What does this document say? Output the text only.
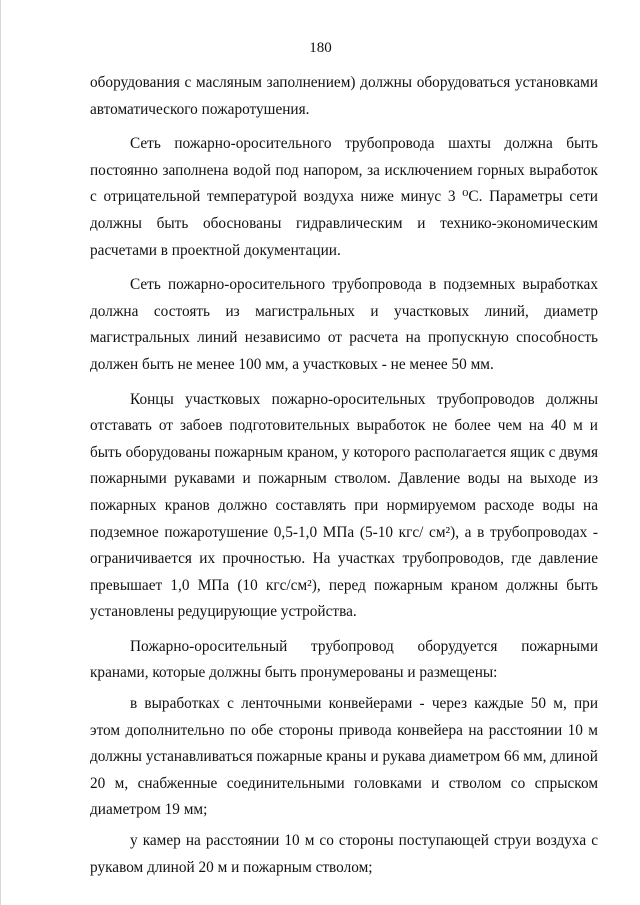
180

оборудования с масляным заполнением) должны оборудоваться установками автоматического пожаротушения.

Сеть пожарно-оросительного трубопровода шахты должна быть постоянно заполнена водой под напором, за исключением горных выработок с отрицательной температурой воздуха ниже минус 3 ⁰С. Параметры сети должны быть обоснованы гидравлическим и технико-экономическим расчетами в проектной документации.

Сеть пожарно-оросительного трубопровода в подземных выработках должна состоять из магистральных и участковых линий, диаметр магистральных линий независимо от расчета на пропускную способность должен быть не менее 100 мм, а участковых - не менее 50 мм.

Концы участковых пожарно-оросительных трубопроводов должны отставать от забоев подготовительных выработок не более чем на 40 м и быть оборудованы пожарным краном, у которого располагается ящик с двумя пожарными рукавами и пожарным стволом. Давление воды на выходе из пожарных кранов должно составлять при нормируемом расходе воды на подземное пожаротушение 0,5-1,0 МПа (5-10 кгс/ см²), а в трубопроводах - ограничивается их прочностью. На участках трубопроводов, где давление превышает 1,0 МПа (10 кгс/см²), перед пожарным краном должны быть установлены редуцирующие устройства.

Пожарно-оросительный трубопровод оборудуется пожарными кранами, которые должны быть пронумерованы и размещены:

в выработках с ленточными конвейерами - через каждые 50 м, при этом дополнительно по обе стороны привода конвейера на расстоянии 10 м должны устанавливаться пожарные краны и рукава диаметром 66 мм, длиной 20 м, снабженные соединительными головками и стволом со спрыском диаметром 19 мм;

у камер на расстоянии 10 м со стороны поступающей струи воздуха с рукавом длиной 20 м и пожарным стволом;
